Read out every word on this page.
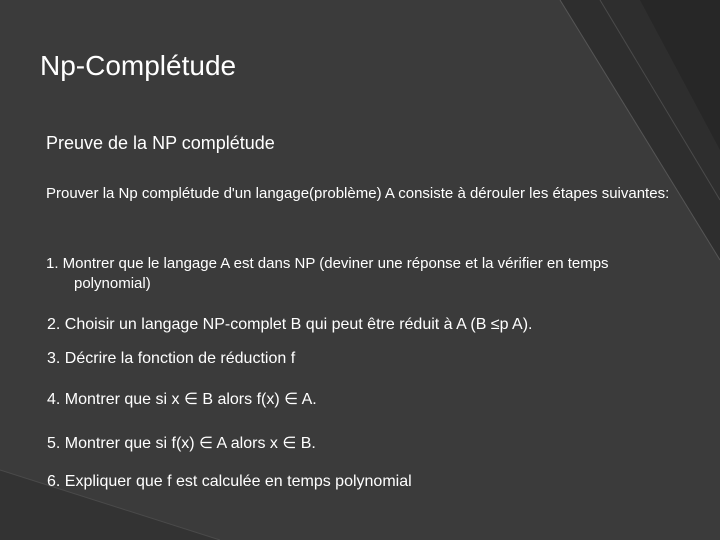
Np-Complétude

Preuve de la NP complétude

Prouver la Np complétude d'un langage(problème) A consiste à dérouler les étapes suivantes:

1. Montrer que le langage A est dans NP (deviner une réponse et la vérifier en temps polynomial)

2. Choisir un langage NP-complet B qui peut être réduit à A (B ≤p A).

3. Décrire la fonction de réduction f

4. Montrer que si x ∈ B alors f(x) ∈ A.

5. Montrer que si f(x) ∈ A alors x ∈ B.

6. Expliquer que f est calculée en temps polynomial
